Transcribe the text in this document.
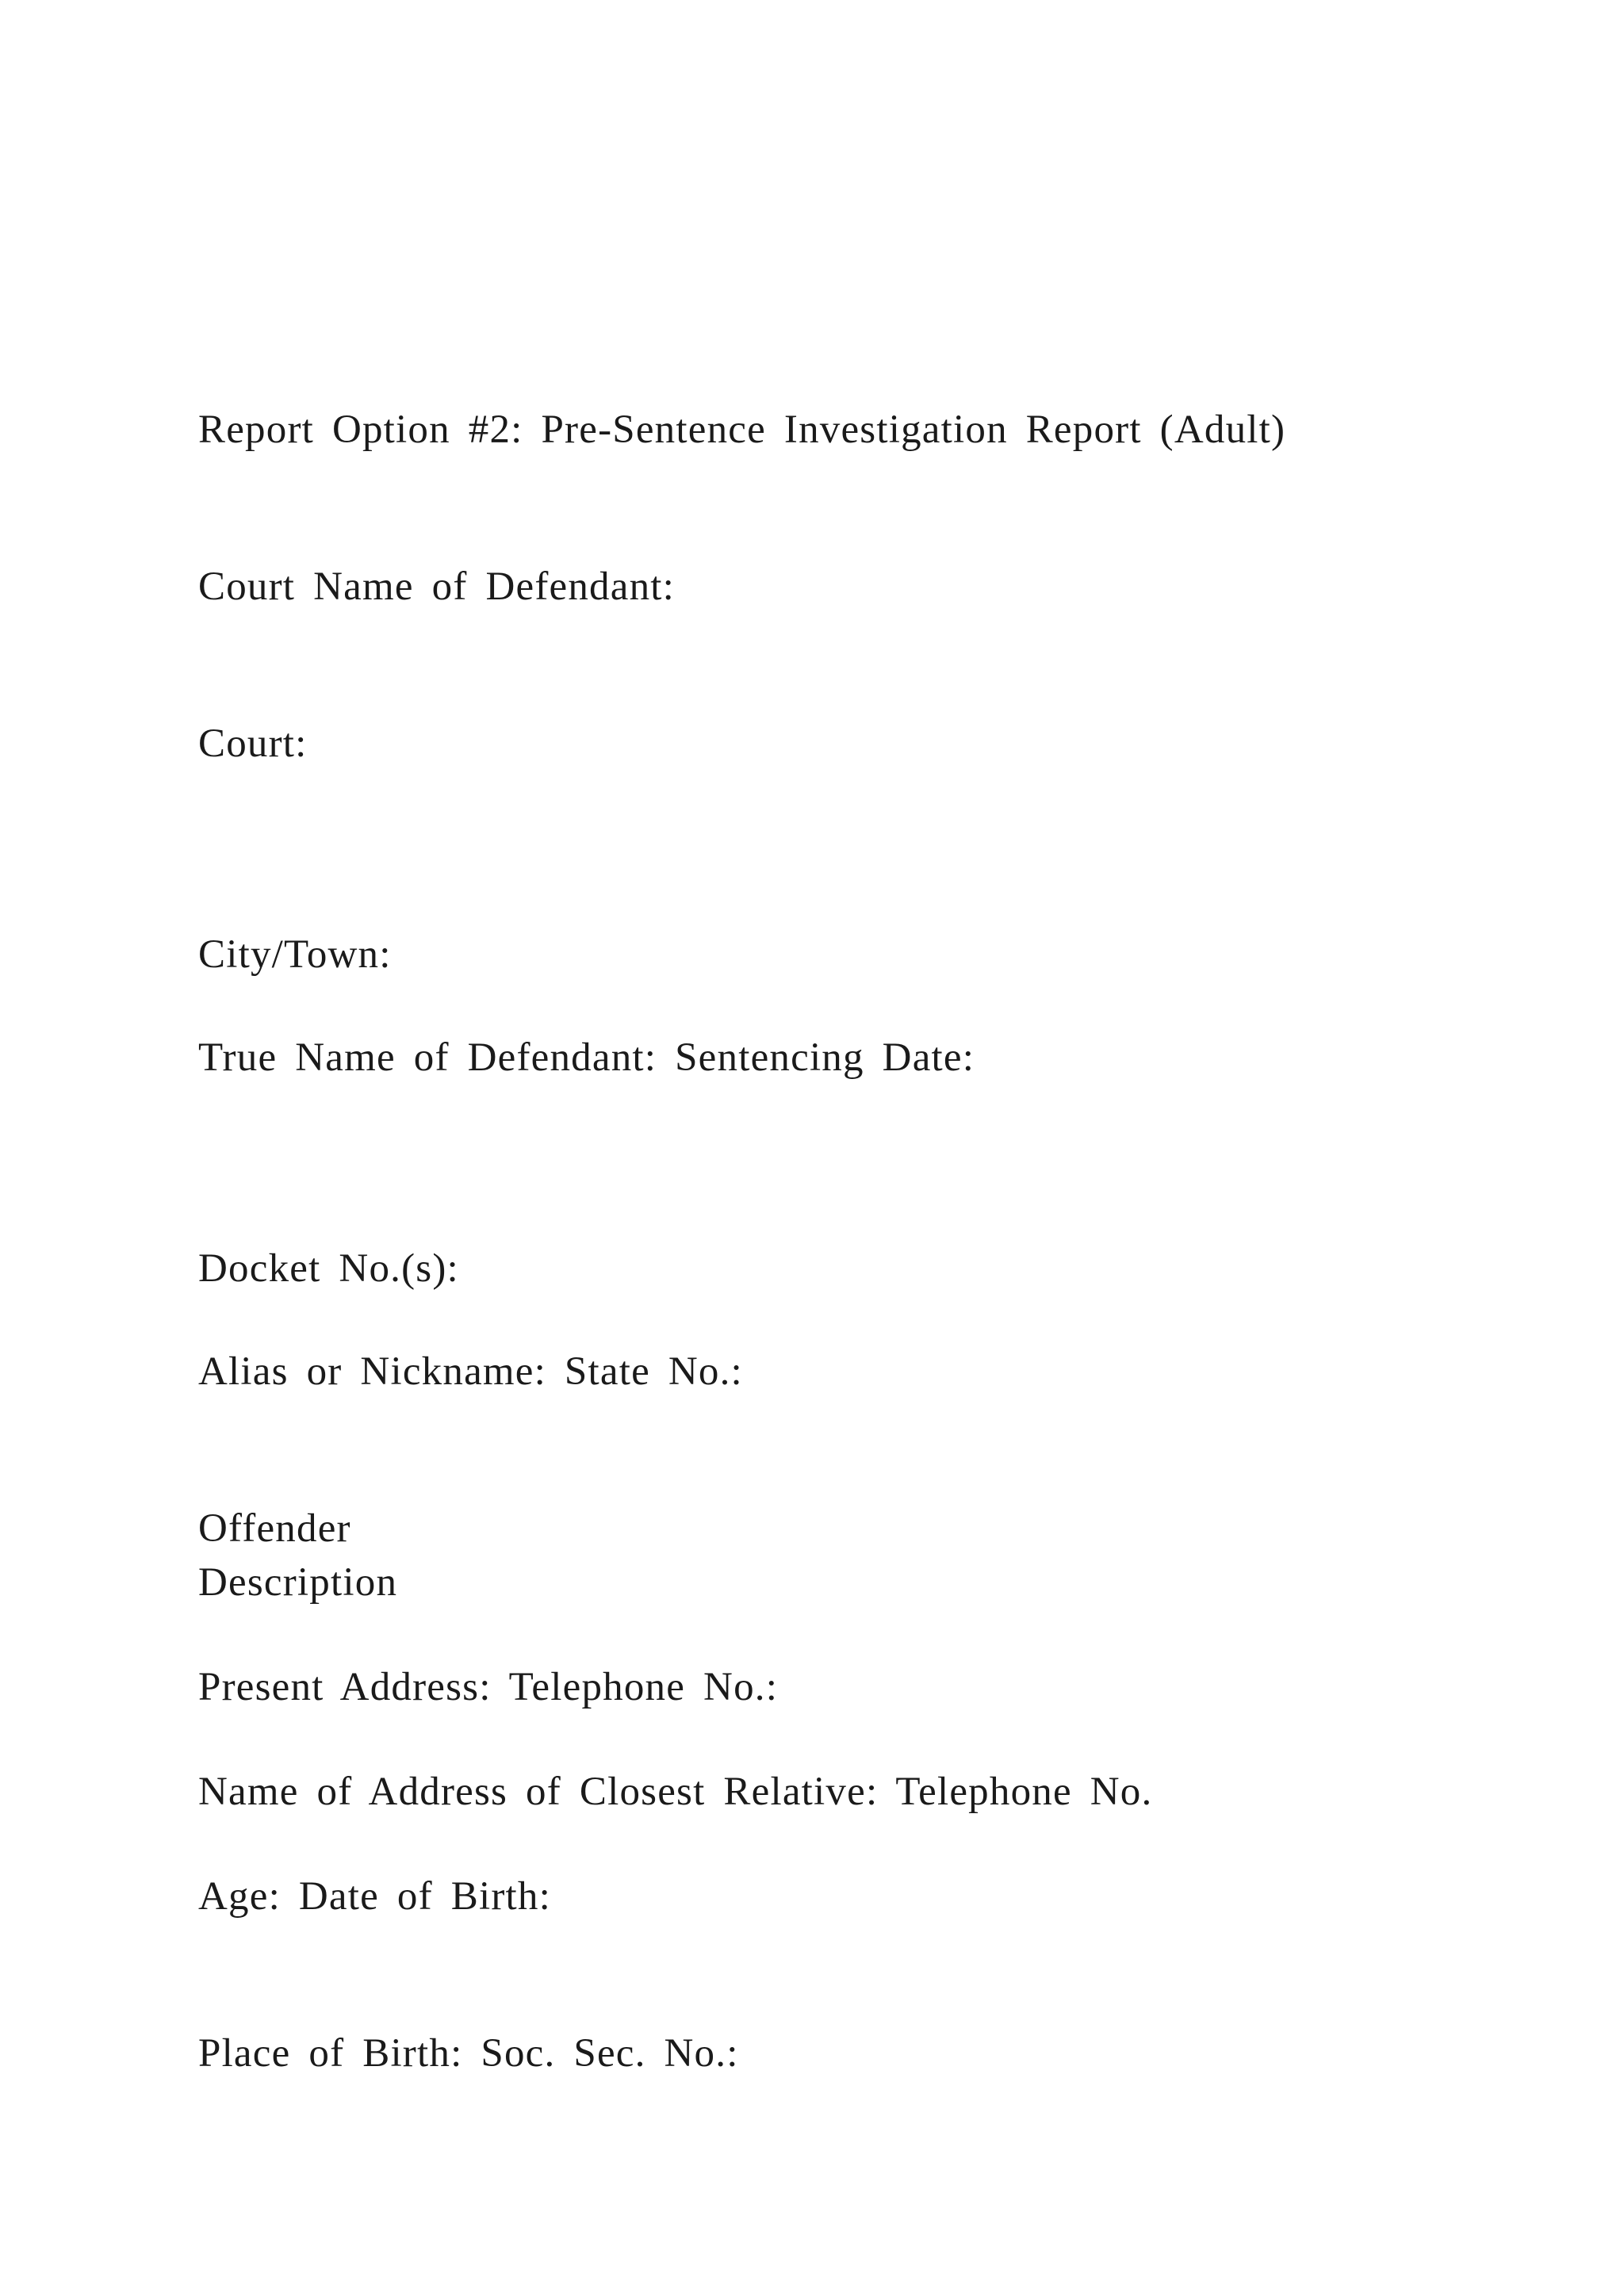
Report Option #2: Pre-Sentence Investigation Report (Adult)

Court Name of Defendant:

Court:

City/Town:

True Name of Defendant: Sentencing Date:

Docket No.(s):

Alias or Nickname: State No.:

Offender

Description

Present Address: Telephone No.:

Name of Address of Closest Relative: Telephone No.

Age: Date of Birth:

Place of Birth: Soc. Sec. No.:
